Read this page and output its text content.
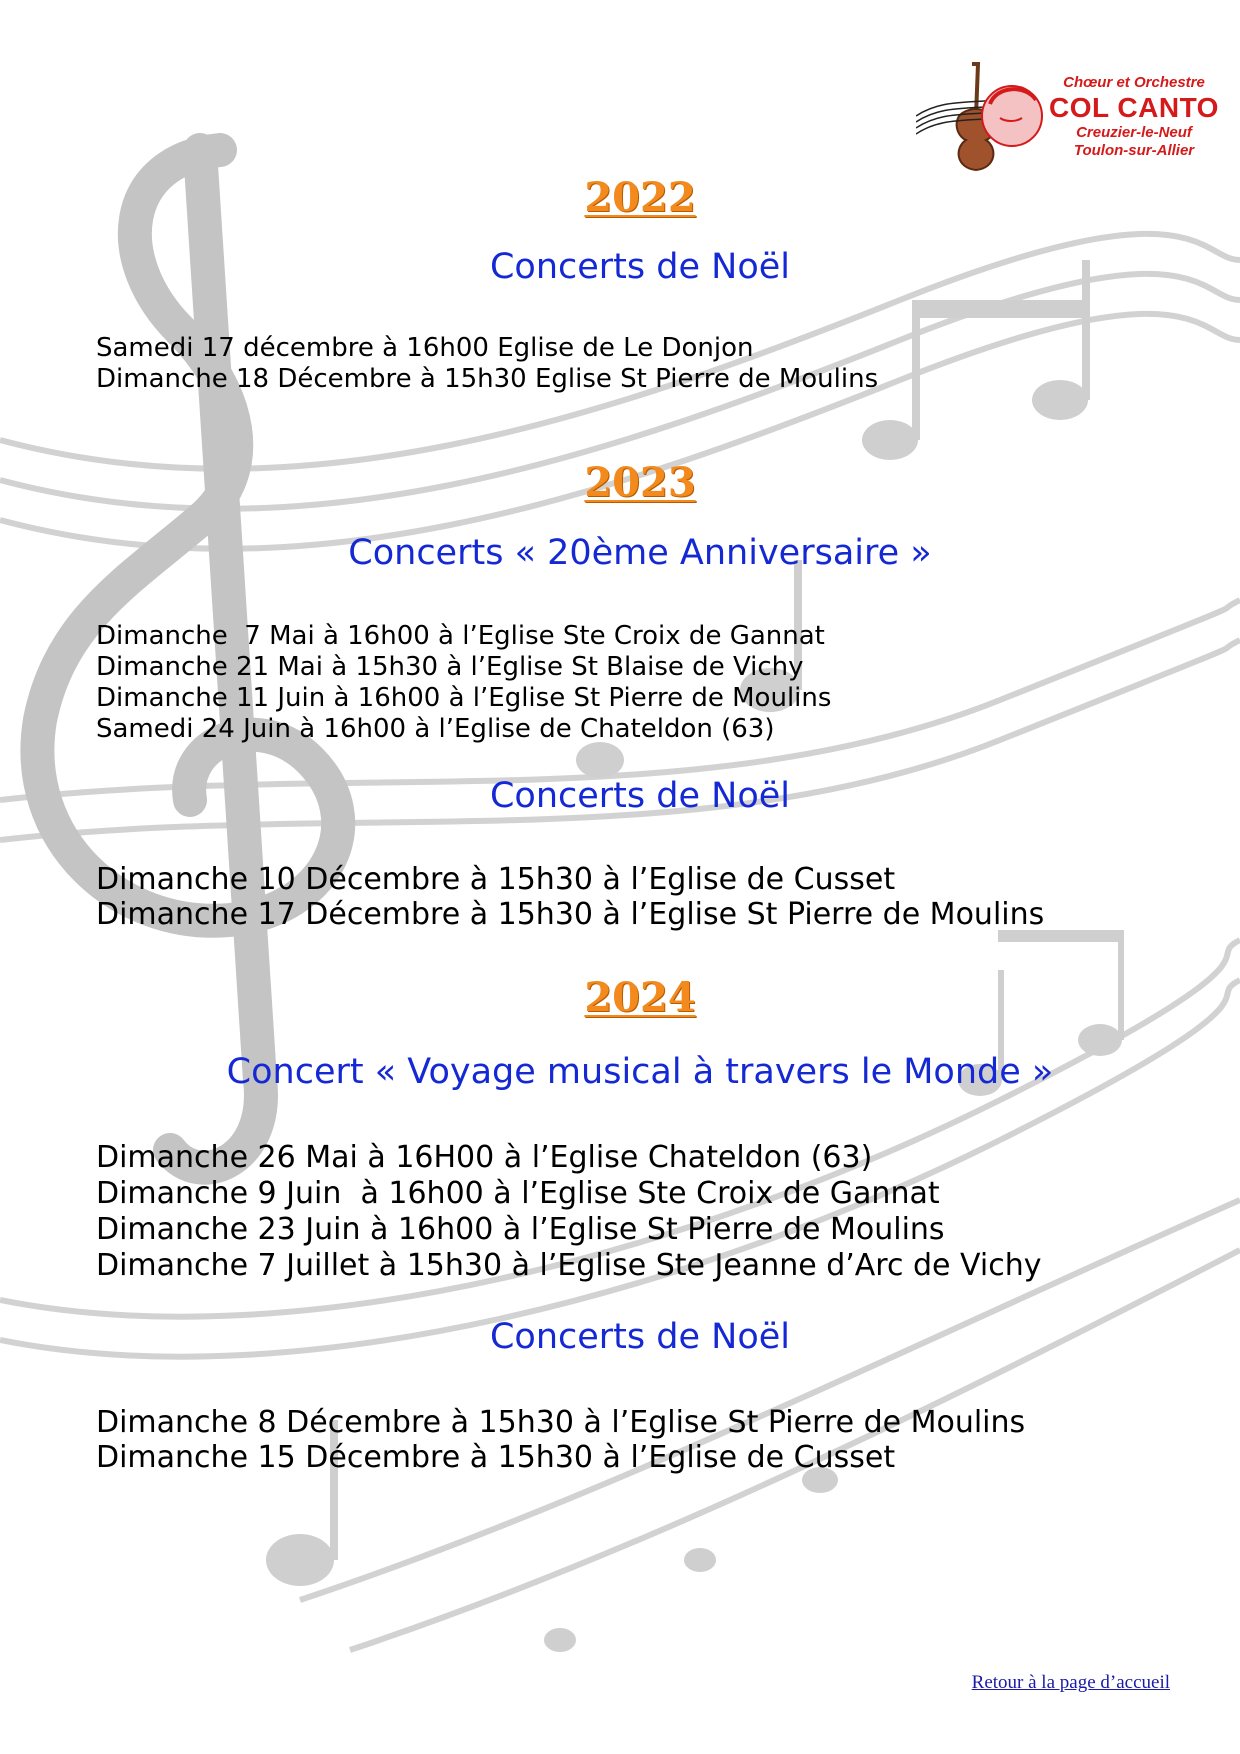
Chœur et Orchestre
COL CANTO
Creuzier-le-Neuf
Toulon-sur-Allier
2022
Concerts de Noël
Samedi 17 décembre à 16h00 Eglise de Le Donjon
Dimanche 18 Décembre à 15h30 Eglise St Pierre de Moulins
2023
Concerts « 20ème Anniversaire »
Dimanche  7 Mai à 16h00 à l’Eglise Ste Croix de Gannat
Dimanche 21 Mai à 15h30 à l’Eglise St Blaise de Vichy
Dimanche 11 Juin à 16h00 à l’Eglise St Pierre de Moulins
Samedi 24 Juin à 16h00 à l’Eglise de Chateldon (63)
Concerts de Noël
Dimanche 10 Décembre à 15h30 à l’Eglise de Cusset
Dimanche 17 Décembre à 15h30 à l’Eglise St Pierre de Moulins
2024
Concert « Voyage musical à travers le Monde »
Dimanche 26 Mai à 16H00 à l’Eglise Chateldon (63)
Dimanche 9 Juin  à 16h00 à l’Eglise Ste Croix de Gannat
Dimanche 23 Juin à 16h00 à l’Eglise St Pierre de Moulins
Dimanche 7 Juillet à 15h30 à l’Eglise Ste Jeanne d’Arc de Vichy
Concerts de Noël
Dimanche 8 Décembre à 15h30 à l’Eglise St Pierre de Moulins
Dimanche 15 Décembre à 15h30 à l’Eglise de Cusset
Retour à la page d’accueil
